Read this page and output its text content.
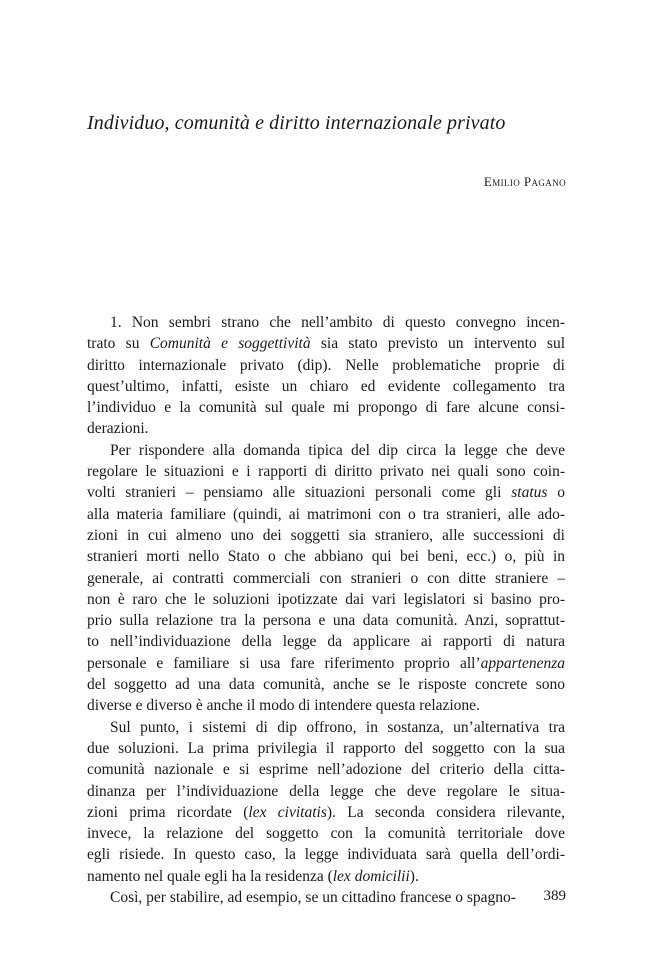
Individuo, comunità e diritto internazionale privato
Emilio Pagano
1. Non sembri strano che nell’ambito di questo convegno incen-
trato su Comunità e soggettività sia stato previsto un intervento sul
diritto internazionale privato (dip). Nelle problematiche proprie di
quest’ultimo, infatti, esiste un chiaro ed evidente collegamento tra
l’individuo e la comunità sul quale mi propongo di fare alcune consi-
derazioni.
Per rispondere alla domanda tipica del dip circa la legge che deve
regolare le situazioni e i rapporti di diritto privato nei quali sono coin-
volti stranieri – pensiamo alle situazioni personali come gli status o
alla materia familiare (quindi, ai matrimoni con o tra stranieri, alle ado-
zioni in cui almeno uno dei soggetti sia straniero, alle successioni di
stranieri morti nello Stato o che abbiano qui bei beni, ecc.) o, più in
generale, ai contratti commerciali con stranieri o con ditte straniere –
non è raro che le soluzioni ipotizzate dai vari legislatori si basino pro-
prio sulla relazione tra la persona e una data comunità. Anzi, soprattut-
to nell’individuazione della legge da applicare ai rapporti di natura
personale e familiare si usa fare riferimento proprio all’appartenenza
del soggetto ad una data comunità, anche se le risposte concrete sono
diverse e diverso è anche il modo di intendere questa relazione.
Sul punto, i sistemi di dip offrono, in sostanza, un’alternativa tra
due soluzioni. La prima privilegia il rapporto del soggetto con la sua
comunità nazionale e si esprime nell’adozione del criterio della citta-
dinanza per l’individuazione della legge che deve regolare le situa-
zioni prima ricordate (lex civitatis). La seconda considera rilevante,
invece, la relazione del soggetto con la comunità territoriale dove
egli risiede. In questo caso, la legge individuata sarà quella dell’ordi-
namento nel quale egli ha la residenza (lex domicilii).
Così, per stabilire, ad esempio, se un cittadino francese o spagno-	389
